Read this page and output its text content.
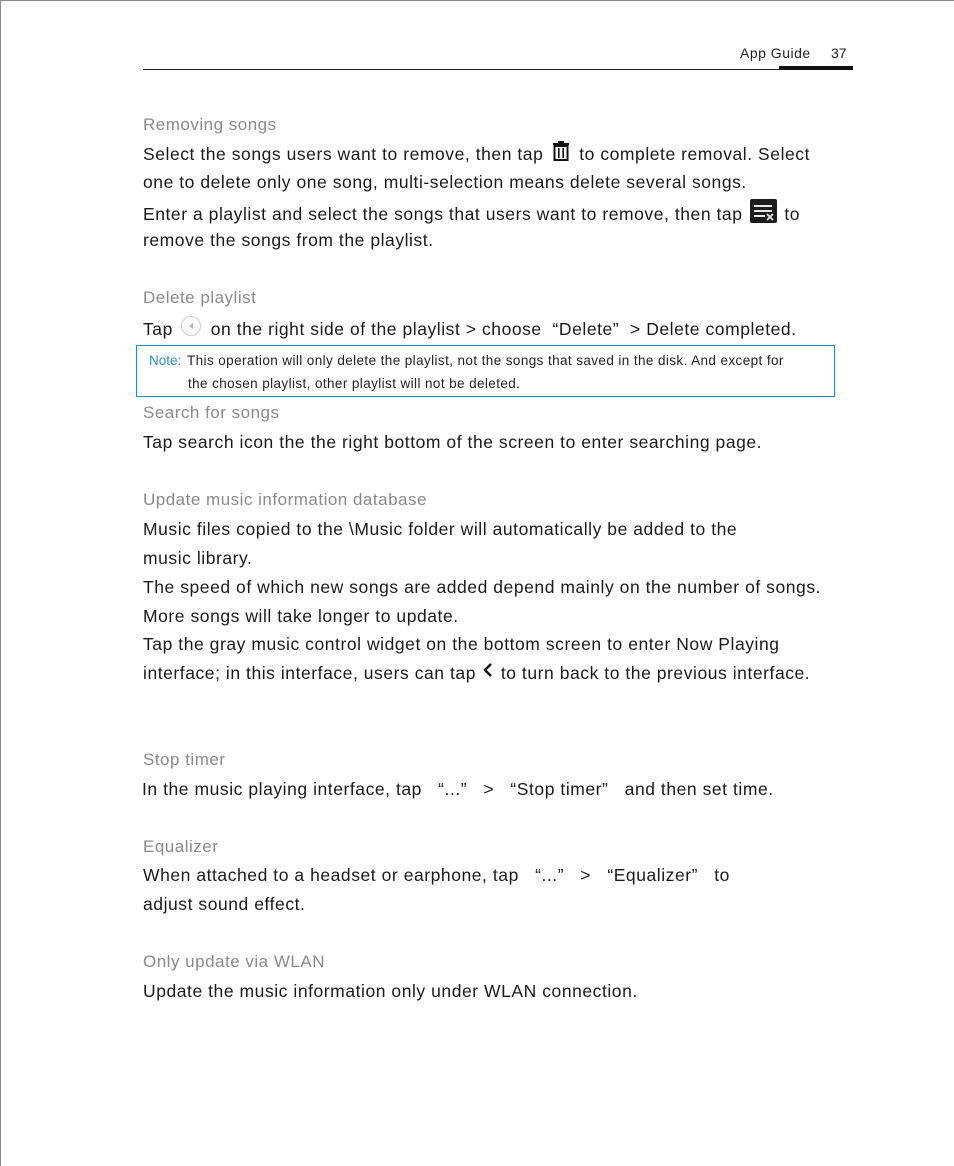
App Guide 37
Removing songs
Select the songs users want to remove, then tap to complete removal. Select
one to delete only one song, multi-selection means delete several songs.
Enter a playlist and select the songs that users want to remove, then tap to
remove the songs from the playlist.
Delete playlist
Tap on the right side of the playlist > choose  “Delete”  > Delete completed.
Note: This operation will only delete the playlist, not the songs that saved in the disk. And except for
the chosen playlist, other playlist will not be deleted.
Search for songs
Tap search icon the the right bottom of the screen to enter searching page.
Update music information database
Music files copied to the \Music folder will automatically be added to the
music library.
The speed of which new songs are added depend mainly on the number of songs.
More songs will take longer to update.
Tap the gray music control widget on the bottom screen to enter Now Playing
interface; in this interface, users can tap to turn back to the previous interface.
Stop timer
In the music playing interface, tap   “...”   >   “Stop timer”   and then set time.
Equalizer
When attached to a headset or earphone, tap   “...”   >   “Equalizer”   to
adjust sound effect.
Only update via WLAN
Update the music information only under WLAN connection.
